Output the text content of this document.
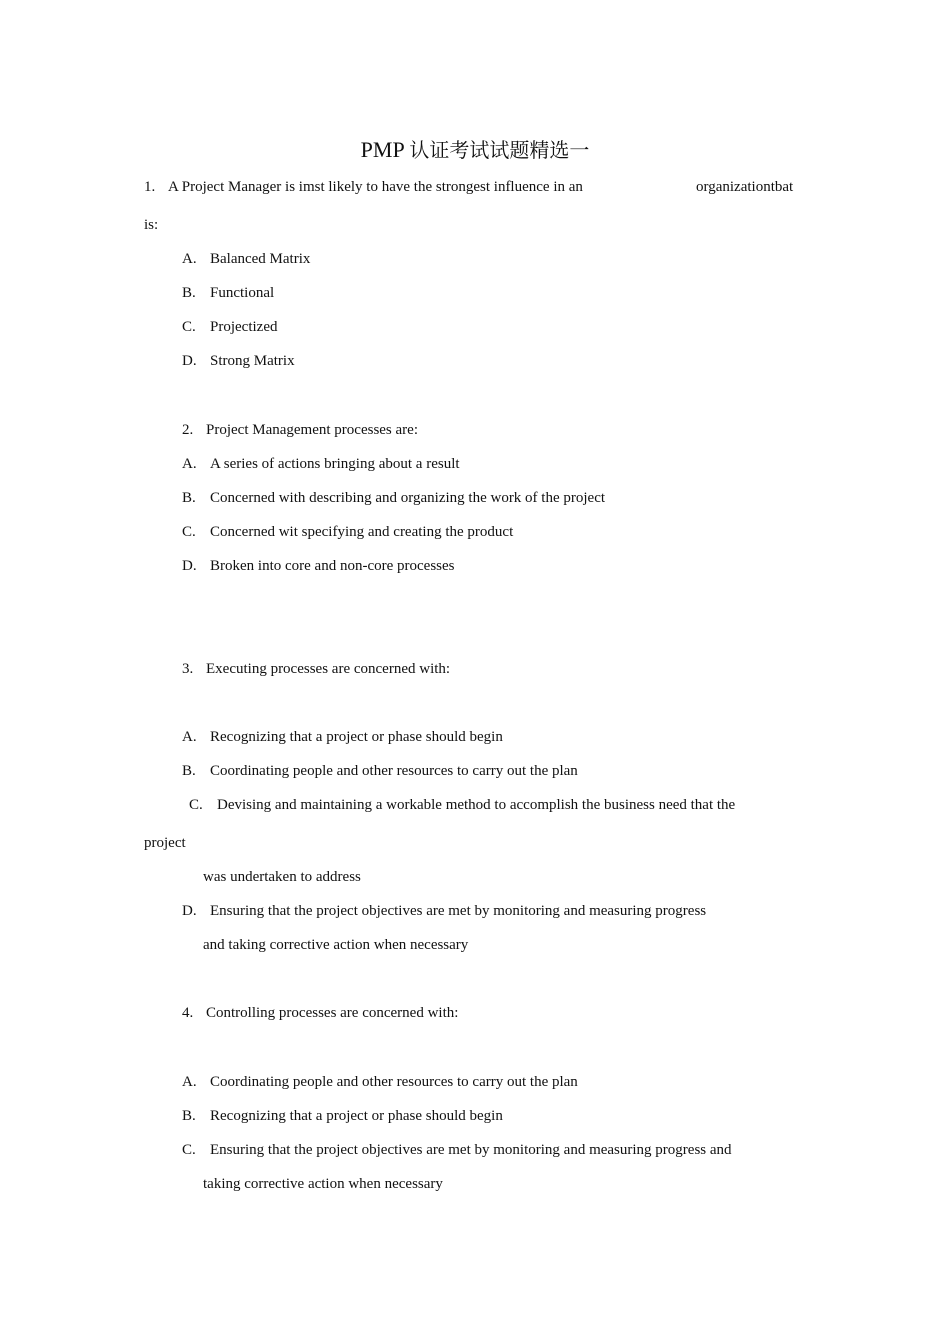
PMP 认证考试试题精选一
1. A Project Manager is imst likely to have the strongest influence in an	organizationtbat
is:
A. Balanced Matrix
B. Functional
C. Projectized
D. Strong Matrix
2. Project Management processes are:
A. A series of actions bringing about a result
B. Concerned with describing and organizing the work of the project
C. Concerned wit specifying and creating the product
D. Broken into core and non-core processes
3. Executing processes are concerned with:
A. Recognizing that a project or phase should begin
B. Coordinating people and other resources to carry out the plan
C. Devising and maintaining a workable method to accomplish the business need that the
project
was undertaken to address
D. Ensuring that the project objectives are met by monitoring and measuring progress
and taking corrective action when necessary
4. Controlling processes are concerned with:
A. Coordinating people and other resources to carry out the plan
B. Recognizing that a project or phase should begin
C. Ensuring that the project objectives are met by monitoring and measuring progress and
taking corrective action when necessary
